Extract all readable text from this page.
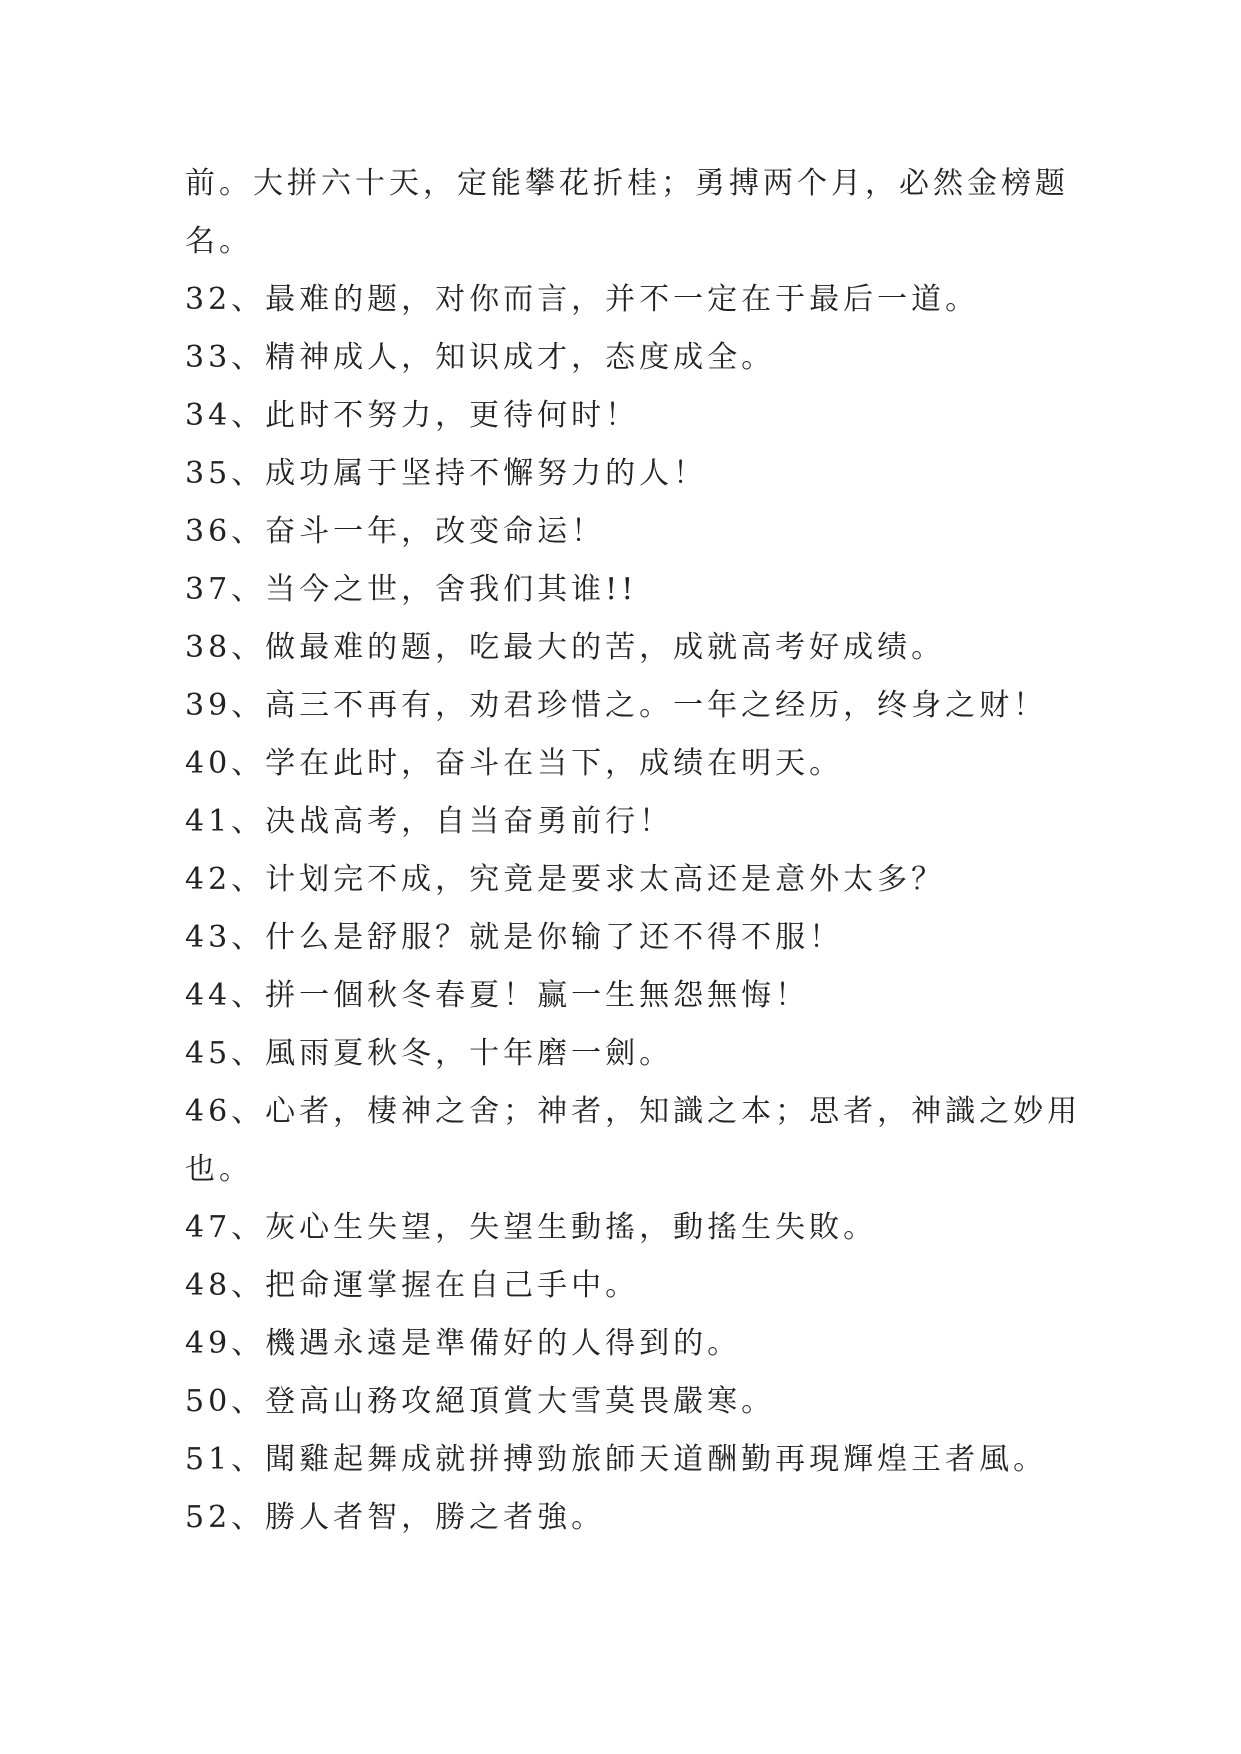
前。大拼六十天，定能攀花折桂；勇搏两个月，必然金榜题
名。
32、最难的题，对你而言，并不一定在于最后一道。
33、精神成人，知识成才，态度成全。
34、此时不努力，更待何时！
35、成功属于坚持不懈努力的人！
36、奋斗一年，改变命运！
37、当今之世，舍我们其谁!!
38、做最难的题，吃最大的苦，成就高考好成绩。
39、高三不再有，劝君珍惜之。一年之经历，终身之财！
40、学在此时，奋斗在当下，成绩在明天。
41、决战高考，自当奋勇前行！
42、计划完不成，究竟是要求太高还是意外太多？
43、什么是舒服？就是你输了还不得不服！
44、拼一個秋冬春夏！赢一生無怨無悔！
45、風雨夏秋冬，十年磨一劍。
46、心者，棲神之舍；神者，知識之本；思者，神識之妙用
也。
47、灰心生失望，失望生動搖，動搖生失敗。
48、把命運掌握在自己手中。
49、機遇永遠是準備好的人得到的。
50、登高山務攻絕頂賞大雪莫畏嚴寒。
51、聞雞起舞成就拼搏勁旅師天道酬勤再現輝煌王者風。
52、勝人者智，勝之者強。
